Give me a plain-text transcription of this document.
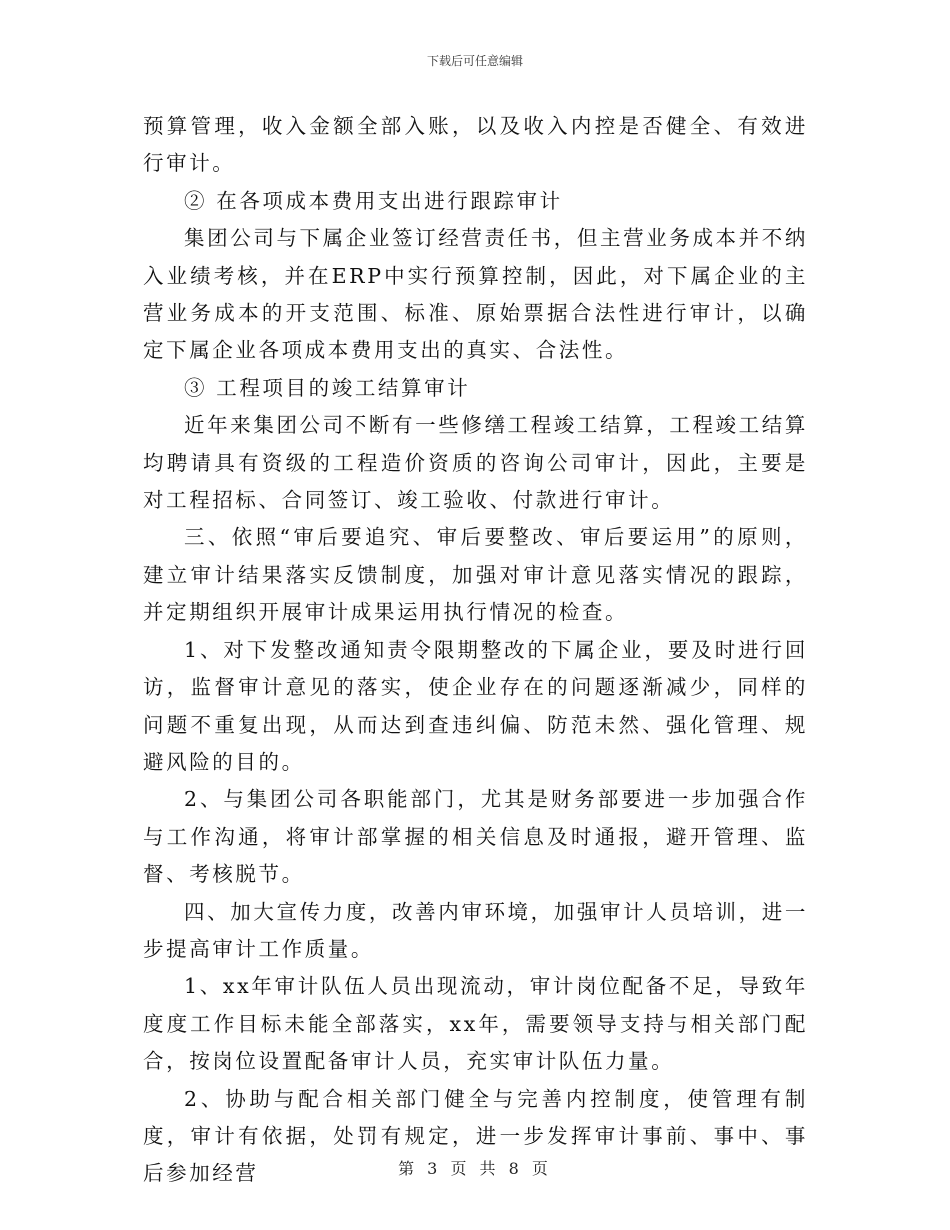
下载后可任意编辑

预算管理，收入金额全部入账，以及收入内控是否健全、有效进行审计。

② 在各项成本费用支出进行跟踪审计

集团公司与下属企业签订经营责任书，但主营业务成本并不纳入业绩考核，并在ERP中实行预算控制，因此，对下属企业的主营业务成本的开支范围、标准、原始票据合法性进行审计，以确定下属企业各项成本费用支出的真实、合法性。

③ 工程项目的竣工结算审计

近年来集团公司不断有一些修缮工程竣工结算，工程竣工结算均聘请具有资级的工程造价资质的咨询公司审计，因此，主要是对工程招标、合同签订、竣工验收、付款进行审计。

三、依照“审后要追究、审后要整改、审后要运用”的原则，建立审计结果落实反馈制度，加强对审计意见落实情况的跟踪，并定期组织开展审计成果运用执行情况的检查。

1、对下发整改通知责令限期整改的下属企业，要及时进行回访，监督审计意见的落实，使企业存在的问题逐渐减少，同样的问题不重复出现，从而达到查违纠偏、防范未然、强化管理、规避风险的目的。

2、与集团公司各职能部门，尤其是财务部要进一步加强合作与工作沟通，将审计部掌握的相关信息及时通报，避开管理、监督、考核脱节。

四、加大宣传力度，改善内审环境，加强审计人员培训，进一步提高审计工作质量。

1、xx年审计队伍人员出现流动，审计岗位配备不足，导致年度度工作目标未能全部落实，xx年，需要领导支持与相关部门配合，按岗位设置配备审计人员，充实审计队伍力量。

2、协助与配合相关部门健全与完善内控制度，使管理有制度，审计有依据，处罚有规定，进一步发挥审计事前、事中、事后参加经营	第 3 页 共 8 页
